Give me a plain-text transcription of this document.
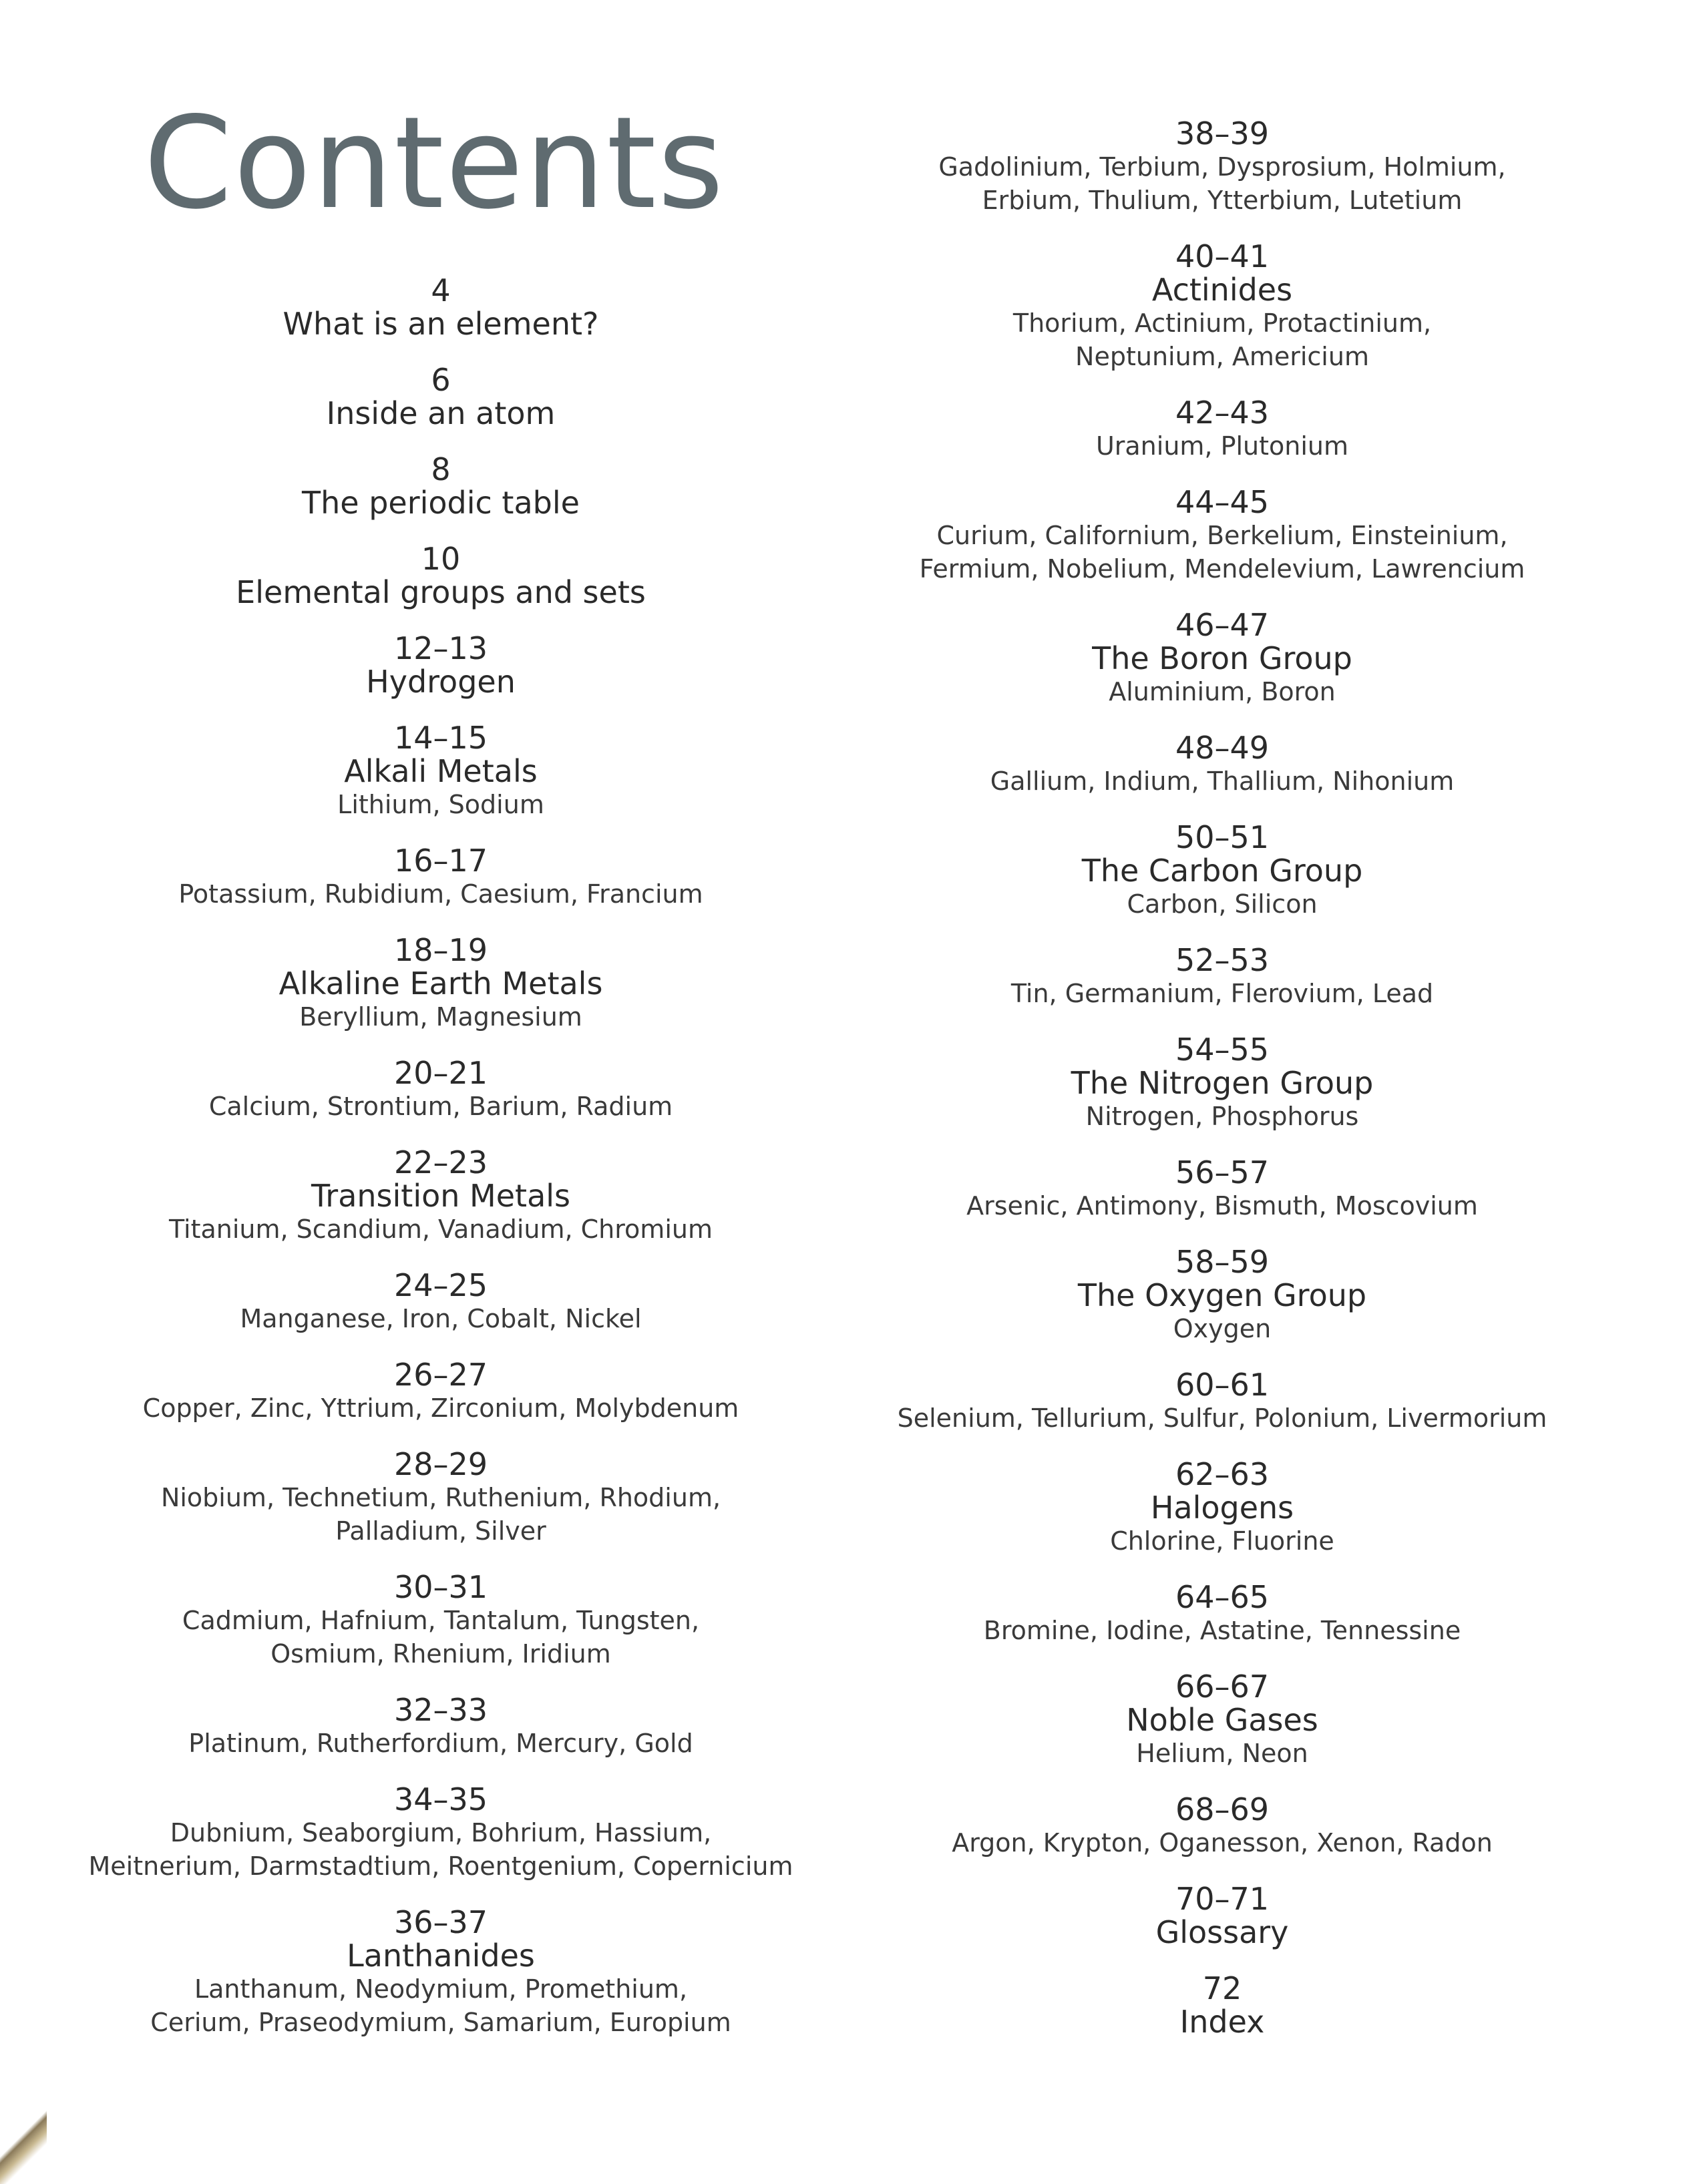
Contents
4
What is an element?
6
Inside an atom
8
The periodic table
10
Elemental groups and sets
12–13
Hydrogen
14–15
Alkali Metals
Lithium, Sodium
16–17
Potassium, Rubidium, Caesium, Francium
18–19
Alkaline Earth Metals
Beryllium, Magnesium
20–21
Calcium, Strontium, Barium, Radium
22–23
Transition Metals
Titanium, Scandium, Vanadium, Chromium
24–25
Manganese, Iron, Cobalt, Nickel
26–27
Copper, Zinc, Yttrium, Zirconium, Molybdenum
28–29
Niobium, Technetium, Ruthenium, Rhodium,
Palladium, Silver
30–31
Cadmium, Hafnium, Tantalum, Tungsten,
Osmium, Rhenium, Iridium
32–33
Platinum, Rutherfordium, Mercury, Gold
34–35
Dubnium, Seaborgium, Bohrium, Hassium,
Meitnerium, Darmstadtium, Roentgenium, Copernicium
36–37
Lanthanides
Lanthanum, Neodymium, Promethium,
Cerium, Praseodymium, Samarium, Europium
38–39
Gadolinium, Terbium, Dysprosium, Holmium,
Erbium, Thulium, Ytterbium, Lutetium
40–41
Actinides
Thorium, Actinium, Protactinium,
Neptunium, Americium
42–43
Uranium, Plutonium
44–45
Curium, Californium, Berkelium, Einsteinium,
Fermium, Nobelium, Mendelevium, Lawrencium
46–47
The Boron Group
Aluminium, Boron
48–49
Gallium, Indium, Thallium, Nihonium
50–51
The Carbon Group
Carbon, Silicon
52–53
Tin, Germanium, Flerovium, Lead
54–55
The Nitrogen Group
Nitrogen, Phosphorus
56–57
Arsenic, Antimony, Bismuth, Moscovium
58–59
The Oxygen Group
Oxygen
60–61
Selenium, Tellurium, Sulfur, Polonium, Livermorium
62–63
Halogens
Chlorine, Fluorine
64–65
Bromine, Iodine, Astatine, Tennessine
66–67
Noble Gases
Helium, Neon
68–69
Argon, Krypton, Oganesson, Xenon, Radon
70–71
Glossary
72
Index
